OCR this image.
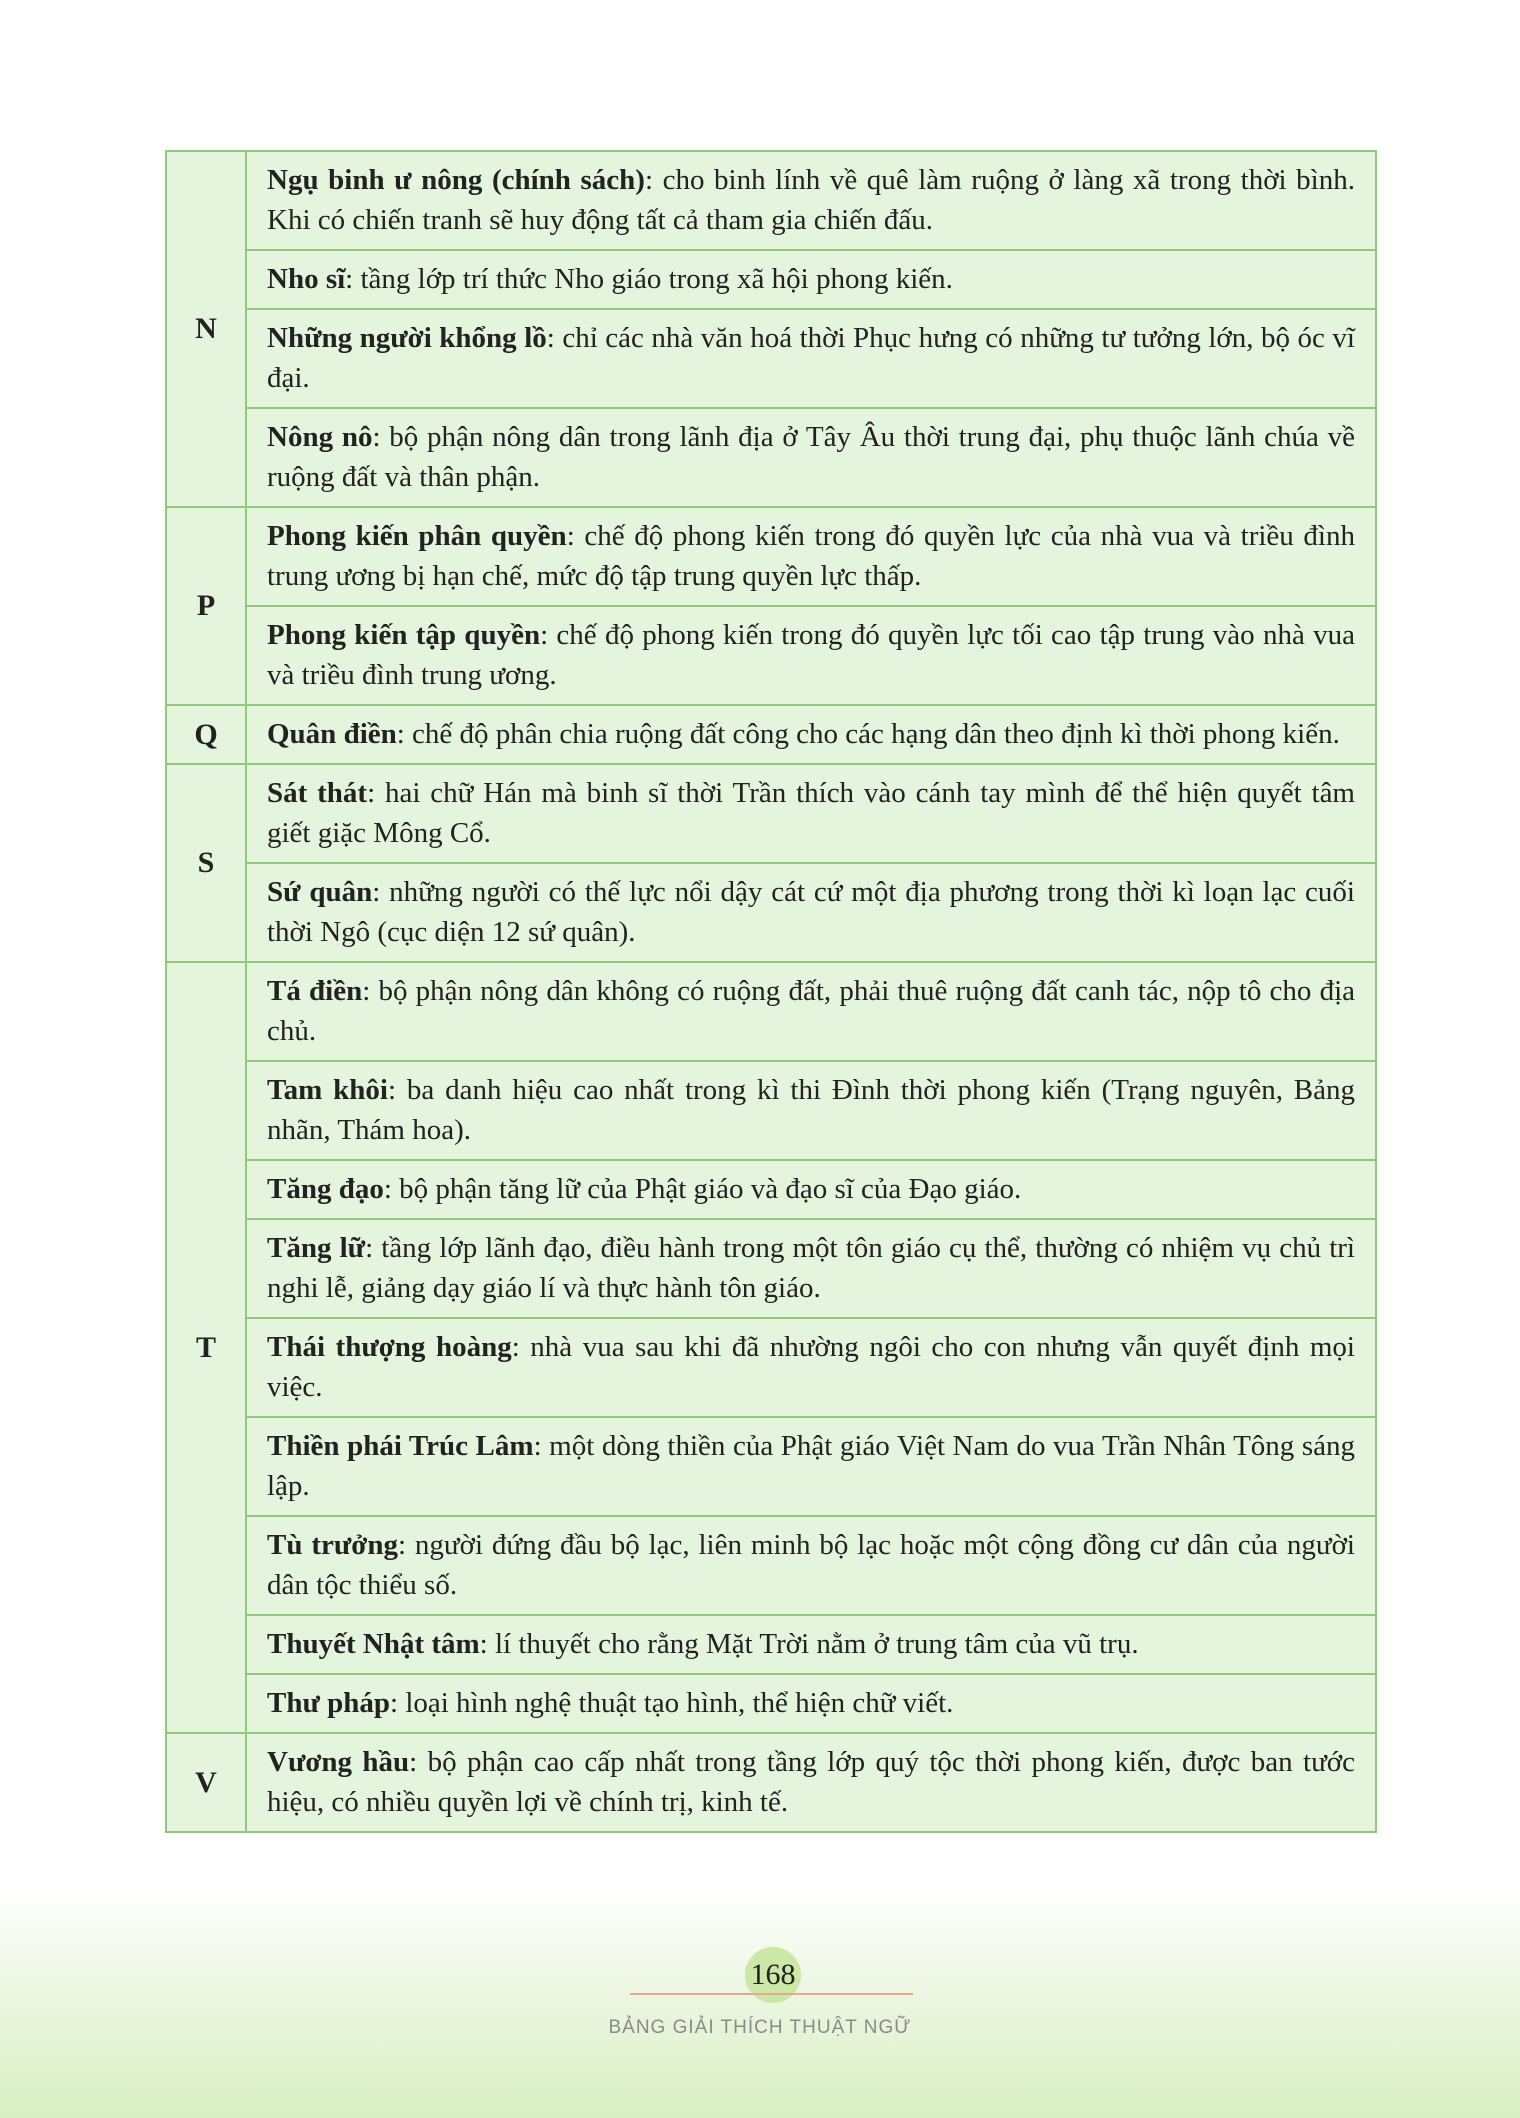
N	Ngụ binh ư nông (chính sách): cho binh lính về quê làm ruộng ở làng xã trong thời bình. Khi có chiến tranh sẽ huy động tất cả tham gia chiến đấu.
	Nho sĩ: tầng lớp trí thức Nho giáo trong xã hội phong kiến.
	Những người khổng lồ: chỉ các nhà văn hoá thời Phục hưng có những tư tưởng lớn, bộ óc vĩ đại.
	Nông nô: bộ phận nông dân trong lãnh địa ở Tây Âu thời trung đại, phụ thuộc lãnh chúa về ruộng đất và thân phận.
P	Phong kiến phân quyền: chế độ phong kiến trong đó quyền lực của nhà vua và triều đình trung ương bị hạn chế, mức độ tập trung quyền lực thấp.
	Phong kiến tập quyền: chế độ phong kiến trong đó quyền lực tối cao tập trung vào nhà vua và triều đình trung ương.
Q	Quân điền: chế độ phân chia ruộng đất công cho các hạng dân theo định kì thời phong kiến.
S	Sát thát: hai chữ Hán mà binh sĩ thời Trần thích vào cánh tay mình để thể hiện quyết tâm giết giặc Mông Cổ.
	Sứ quân: những người có thế lực nổi dậy cát cứ một địa phương trong thời kì loạn lạc cuối thời Ngô (cục diện 12 sứ quân).
T	Tá điền: bộ phận nông dân không có ruộng đất, phải thuê ruộng đất canh tác, nộp tô cho địa chủ.
	Tam khôi: ba danh hiệu cao nhất trong kì thi Đình thời phong kiến (Trạng nguyên, Bảng nhãn, Thám hoa).
	Tăng đạo: bộ phận tăng lữ của Phật giáo và đạo sĩ của Đạo giáo.
	Tăng lữ: tầng lớp lãnh đạo, điều hành trong một tôn giáo cụ thể, thường có nhiệm vụ chủ trì nghi lễ, giảng dạy giáo lí và thực hành tôn giáo.
	Thái thượng hoàng: nhà vua sau khi đã nhường ngôi cho con nhưng vẫn quyết định mọi việc.
	Thiền phái Trúc Lâm: một dòng thiền của Phật giáo Việt Nam do vua Trần Nhân Tông sáng lập.
	Tù trưởng: người đứng đầu bộ lạc, liên minh bộ lạc hoặc một cộng đồng cư dân của người dân tộc thiểu số.
	Thuyết Nhật tâm: lí thuyết cho rằng Mặt Trời nằm ở trung tâm của vũ trụ.
	Thư pháp: loại hình nghệ thuật tạo hình, thể hiện chữ viết.
V	Vương hầu: bộ phận cao cấp nhất trong tầng lớp quý tộc thời phong kiến, được ban tước hiệu, có nhiều quyền lợi về chính trị, kinh tế.
168
BẢNG GIẢI THÍCH THUẬT NGỮ
